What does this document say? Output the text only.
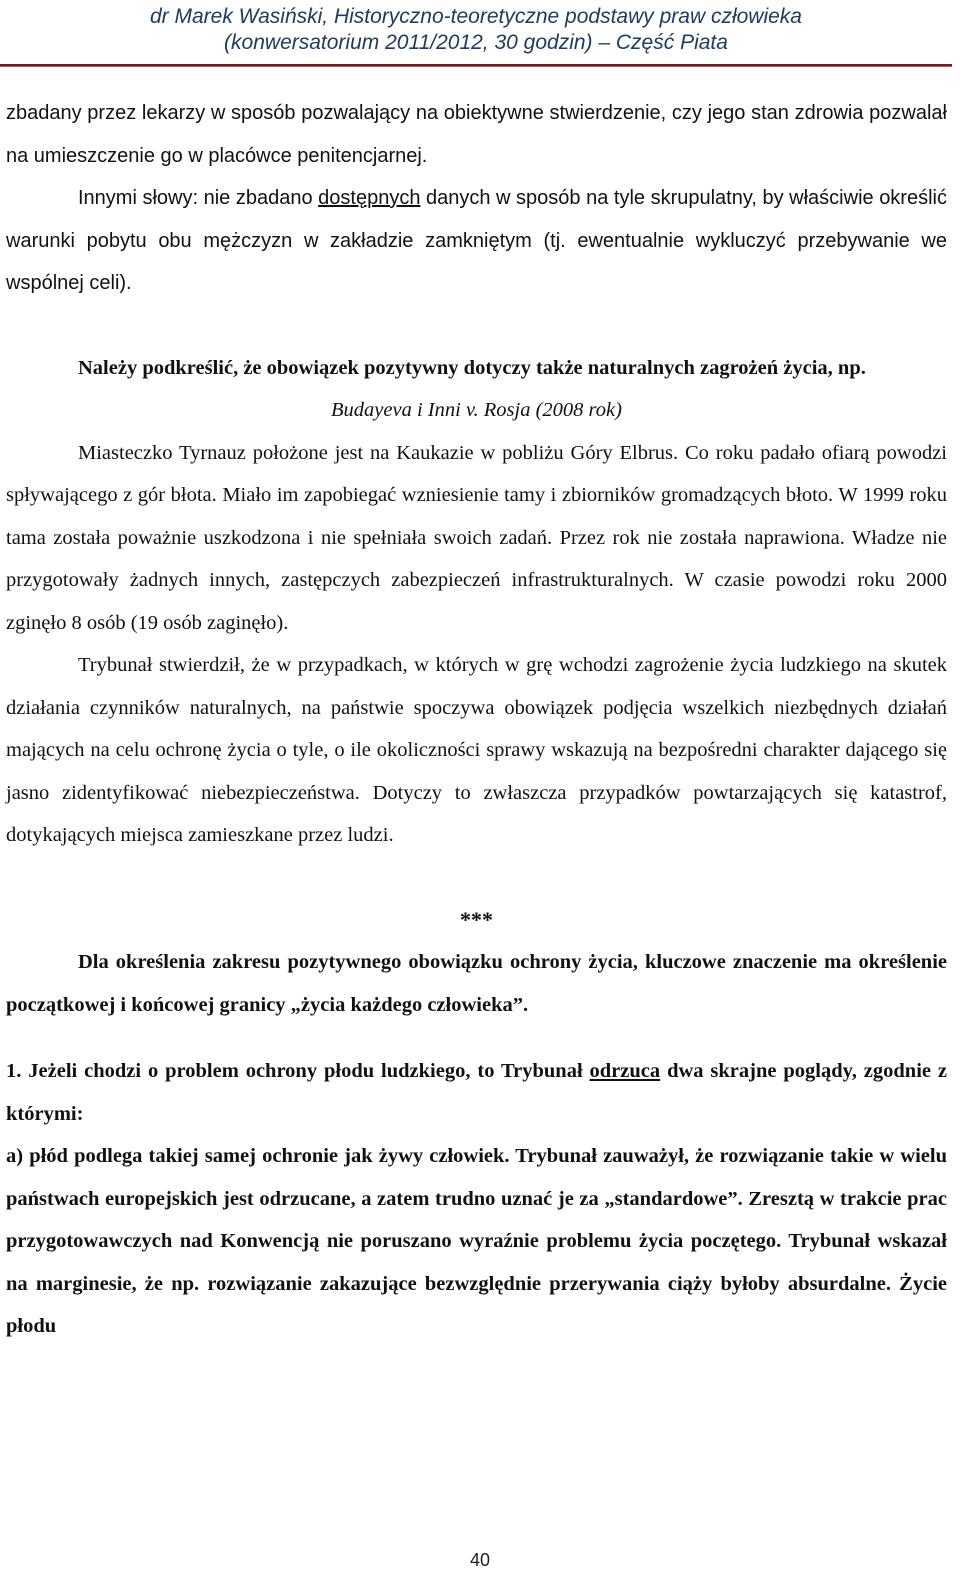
dr Marek Wasiński, Historyczno-teoretyczne podstawy praw człowieka
(konwersatorium 2011/2012, 30 godzin) – Część Piata

zbadany przez lekarzy w sposób pozwalający na obiektywne stwierdzenie, czy jego stan zdrowia pozwalał na umieszczenie go w placówce penitencjarnej.

Innymi słowy: nie zbadano dostępnych danych w sposób na tyle skrupulatny, by właściwie określić warunki pobytu obu mężczyzn w zakładzie zamkniętym (tj. ewentualnie wykluczyć przebywanie we wspólnej celi).

Należy podkreślić, że obowiązek pozytywny dotyczy także naturalnych zagrożeń życia, np.

Budayeva i Inni v. Rosja (2008 rok)

Miasteczko Tyrnauz położone jest na Kaukazie w pobliżu Góry Elbrus. Co roku padało ofiarą powodzi spływającego z gór błota. Miało im zapobiegać wzniesienie tamy i zbiorników gromadzących błoto. W 1999 roku tama została poważnie uszkodzona i nie spełniała swoich zadań. Przez rok nie została naprawiona. Władze nie przygotowały żadnych innych, zastępczych zabezpieczeń infrastrukturalnych. W czasie powodzi roku 2000 zginęło 8 osób (19 osób zaginęło).

Trybunał stwierdził, że w przypadkach, w których w grę wchodzi zagrożenie życia ludzkiego na skutek działania czynników naturalnych, na państwie spoczywa obowiązek podjęcia wszelkich niezbędnych działań mających na celu ochronę życia o tyle, o ile okoliczności sprawy wskazują na bezpośredni charakter dającego się jasno zidentyfikować niebezpieczeństwa. Dotyczy to zwłaszcza przypadków powtarzających się katastrof, dotykających miejsca zamieszkane przez ludzi.

***

Dla określenia zakresu pozytywnego obowiązku ochrony życia, kluczowe znaczenie ma określenie początkowej i końcowej granicy „życia każdego człowieka”.

1. Jeżeli chodzi o problem ochrony płodu ludzkiego, to Trybunał odrzuca dwa skrajne poglądy, zgodnie z którymi:

a) płód podlega takiej samej ochronie jak żywy człowiek. Trybunał zauważył, że rozwiązanie takie w wielu państwach europejskich jest odrzucane, a zatem trudno uznać je za „standardowe”. Zresztą w trakcie prac przygotowawczych nad Konwencją nie poruszano wyraźnie problemu życia poczętego. Trybunał wskazał na marginesie, że np. rozwiązanie zakazujące bezwzględnie przerywania ciąży byłoby absurdalne. Życie płodu

40
